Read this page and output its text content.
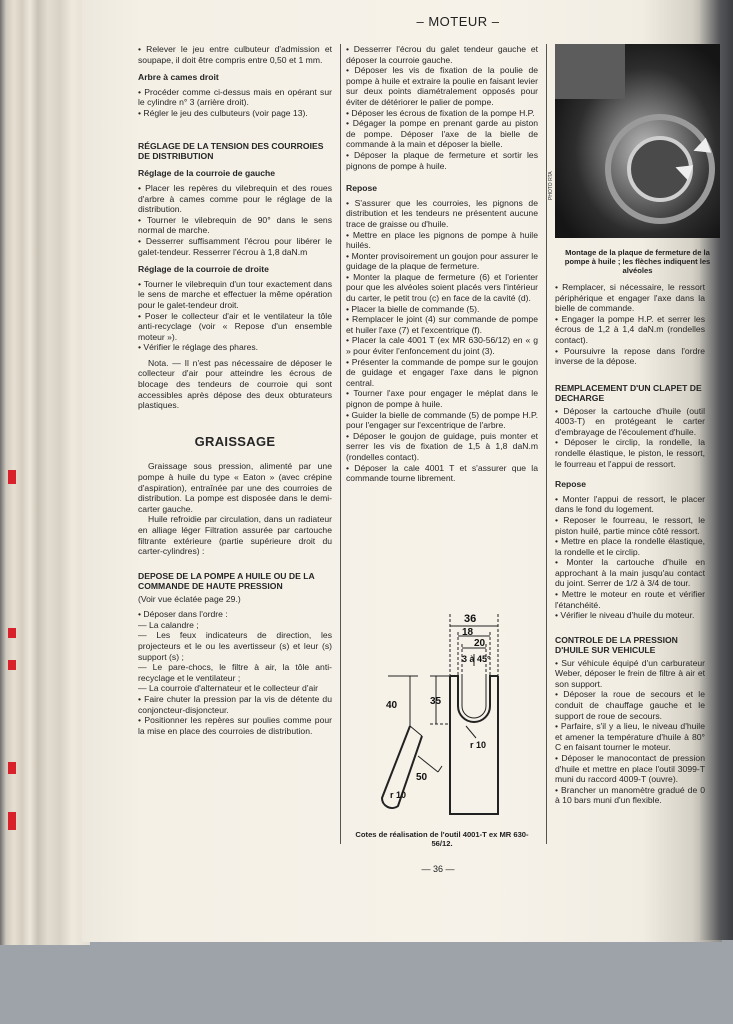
– MOTEUR –

• Relever le jeu entre culbuteur d'admission et soupape, il doit être compris entre 0,50 et 1 mm.

Arbre à cames droit

• Procéder comme ci-dessus mais en opérant sur le cylindre n° 3 (arrière droit).

• Régler le jeu des culbuteurs (voir page 13).

RÉGLAGE DE LA TENSION DES COURROIES DE DISTRIBUTION

Réglage de la courroie de gauche

• Placer les repères du vilebrequin et des roues d'arbre à cames comme pour le réglage de la distribution.

• Tourner le vilebrequin de 90° dans le sens normal de marche.

• Desserrer suffisamment l'écrou pour libérer le galet-tendeur. Resserrer l'écrou à 1,8 daN.m

Réglage de la courroie de droite

• Tourner le vilebrequin d'un tour exactement dans le sens de marche et effectuer la même opération pour le galet-tendeur droit.

• Poser le collecteur d'air et le ventilateur la tôle anti-recyclage (voir « Repose d'un ensemble moteur »).

• Vérifier le réglage des phares.

Nota. — Il n'est pas nécessaire de déposer le collecteur d'air pour atteindre les écrous de blocage des tendeurs de courroie qui sont accessibles après dépose des deux obturateurs plastiques.

GRAISSAGE

Graissage sous pression, alimenté par une pompe à huile du type « Eaton » (avec crépine d'aspiration), entraînée par une des courroies de distribution. La pompe est disposée dans le demi-carter gauche.

Huile refroidie par circulation, dans un radiateur en alliage léger Filtration assurée par cartouche filtrante extérieure (partie supérieure droit du carter-cylindres) :

DEPOSE DE LA POMPE A HUILE OU DE LA COMMANDE DE HAUTE PRESSION

(Voir vue éclatée page 29.)

• Déposer dans l'ordre :

— La calandre ;

— Les feux indicateurs de direction, les projecteurs et le ou les avertisseur (s) et leur (s) support (s) ;

— Le pare-chocs, le filtre à air, la tôle anti-recyclage et le ventilateur ;

— La courroie d'alternateur et le collecteur d'air

• Faire chuter la pression par la vis de détente du conjoncteur-disjoncteur.

• Positionner les repères sur poulies comme pour la mise en place des courroies de distribution.

• Desserrer l'écrou du galet tendeur gauche et déposer la courroie gauche.

• Déposer les vis de fixation de la poulie de pompe à huile et extraire la poulie en faisant levier sur deux points diamétralement opposés pour éviter de détériorer le palier de pompe.

• Déposer les écrous de fixation de la pompe H.P.

• Dégager la pompe en prenant garde au piston de pompe. Déposer l'axe de la bielle de commande à la main et déposer la bielle.

• Déposer la plaque de fermeture et sortir les pignons de pompe à huile.

Repose

• S'assurer que les courroies, les pignons de distribution et les tendeurs ne présentent aucune trace de graisse ou d'huile.

• Mettre en place les pignons de pompe à huile huilés.

• Monter provisoirement un goujon pour assurer le guidage de la plaque de fermeture.

• Monter la plaque de fermeture (6) et l'orienter pour que les alvéoles soient placés vers l'intérieur du carter, le petit trou (c) en face de la cavité (d).

• Placer la bielle de commande (5).

• Remplacer le joint (4) sur commande de pompe et huiler l'axe (7) et l'excentrique (f).

• Placer la cale 4001 T (ex MR 630-56/12) en « g » pour éviter l'enfoncement du joint (3).

• Présenter la commande de pompe sur le goujon de guidage et engager l'axe dans le pignon central.

• Tourner l'axe pour engager le méplat dans le pignon de pompe à huile.

• Guider la bielle de commande (5) de pompe H.P. pour l'engager sur l'excentrique de l'arbre.

• Déposer le goujon de guidage, puis monter et serrer les vis de fixation de 1,5 à 1,8 daN.m (rondelles contact).

• Déposer la cale 4001 T et s'assurer que la commande tourne librement.

36
18
20
3 à 45°
35
40
r 10
50
r 10
Cotes de réalisation de l'outil 4001-T ex MR 630-56/12.
PHOTO RTA
Montage de la plaque de fermeture de la pompe à huile ; les flèches indiquent les alvéoles

• Remplacer, si nécessaire, le ressort périphérique et engager l'axe dans la bielle de commande.

• Engager la pompe H.P. et serrer les écrous de 1,2 à 1,4 daN.m (rondelles contact).

• Poursuivre la repose dans l'ordre inverse de la dépose.

REMPLACEMENT D'UN CLAPET DE DECHARGE

• Déposer la cartouche d'huile (outil 4003-T) en protégeant le carter d'embrayage de l'écoulement d'huile.

• Déposer le circlip, la rondelle, la rondelle élastique, le piston, le ressort, le fourreau et l'appui de ressort.

Repose

• Monter l'appui de ressort, le placer dans le fond du logement.

• Reposer le fourreau, le ressort, le piston huilé, partie mince côté ressort.

• Mettre en place la rondelle élastique, la rondelle et le circlip.

• Monter la cartouche d'huile en approchant à la main jusqu'au contact du joint. Serrer de 1/2 à 3/4 de tour.

• Mettre le moteur en route et vérifier l'étanchéité.

• Vérifier le niveau d'huile du moteur.

CONTROLE DE LA PRESSION D'HUILE SUR VEHICULE

• Sur véhicule équipé d'un carburateur Weber, déposer le frein de filtre à air et son support.

• Déposer la roue de secours et le conduit de chauffage gauche et le support de roue de secours.

• Parfaire, s'il y a lieu, le niveau d'huile et amener la température d'huile à 80° C en faisant tourner le moteur.

• Déposer le manocontact de pression d'huile et mettre en place l'outil 3099-T muni du raccord 4009-T (ouvre).

• Brancher un manomètre gradué de 0 à 10 bars muni d'un flexible.

— 36 —
